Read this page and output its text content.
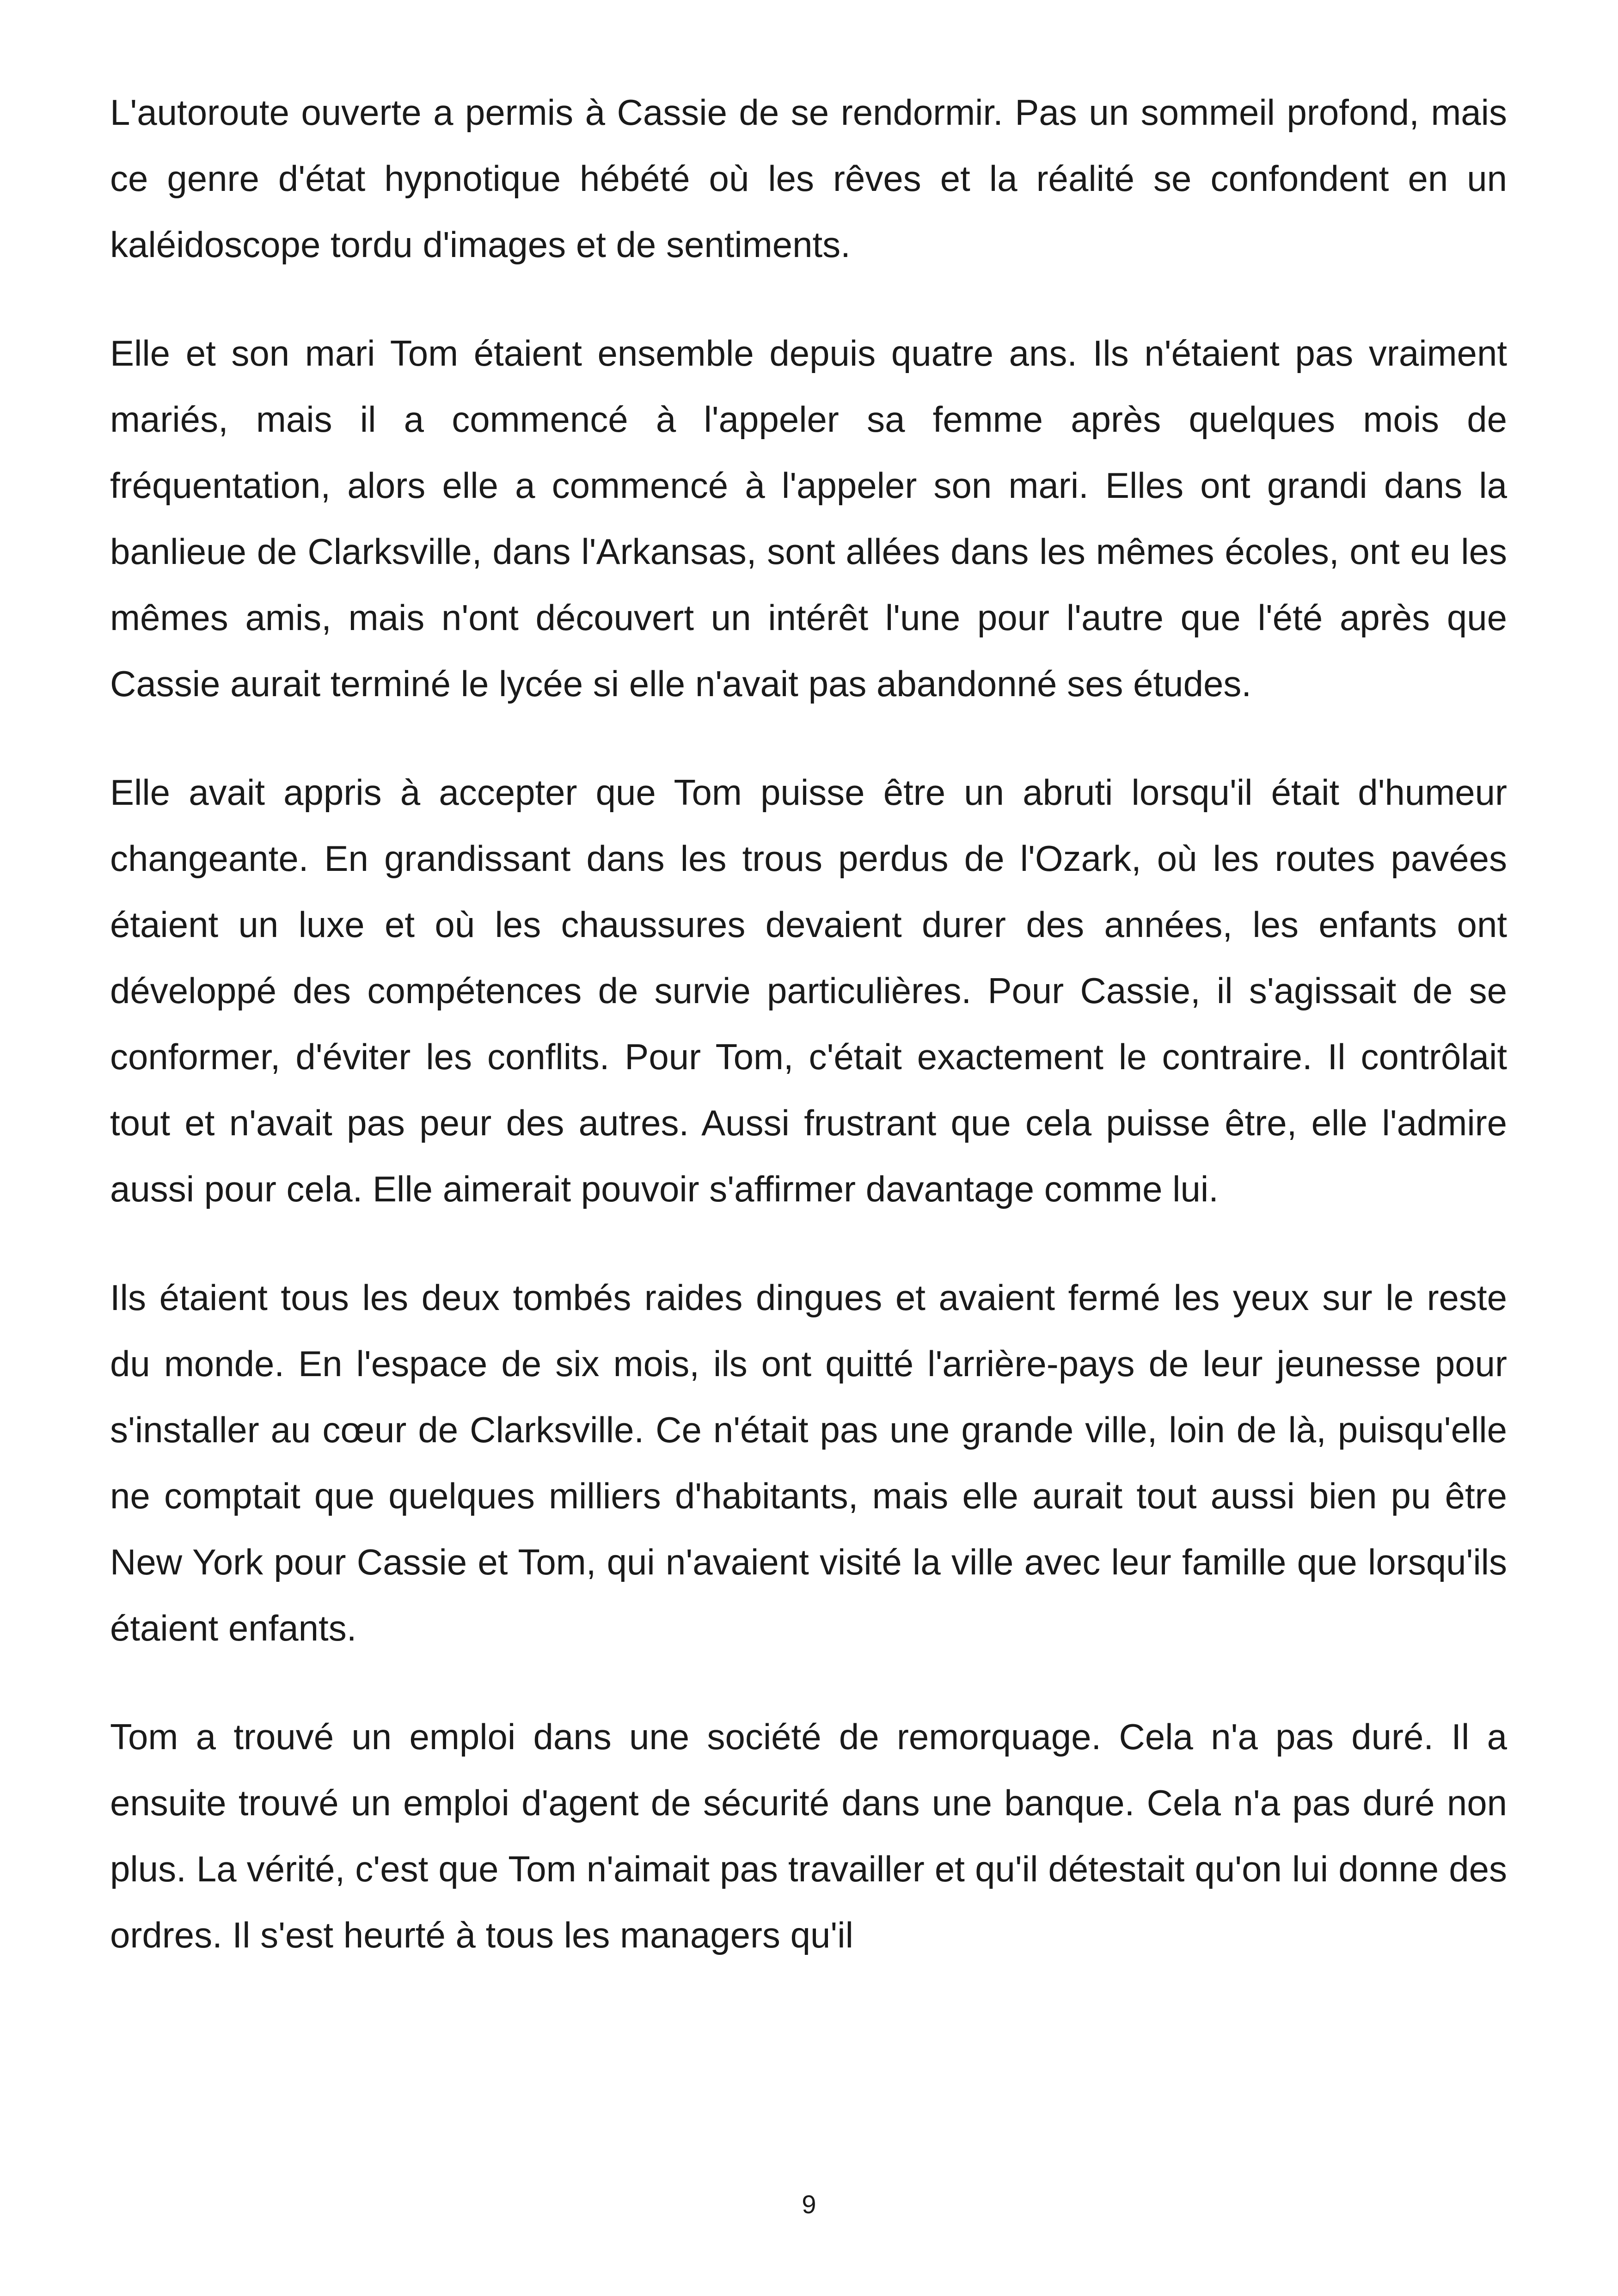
L'autoroute ouverte a permis à Cassie de se rendormir. Pas un sommeil profond, mais ce genre d'état hypnotique hébété où les rêves et la réalité se confondent en un kaléidoscope tordu d'images et de sentiments.

Elle et son mari Tom étaient ensemble depuis quatre ans. Ils n'étaient pas vraiment mariés, mais il a commencé à l'appeler sa femme après quelques mois de fréquentation, alors elle a commencé à l'appeler son mari. Elles ont grandi dans la banlieue de Clarksville, dans l'Arkansas, sont allées dans les mêmes écoles, ont eu les mêmes amis, mais n'ont découvert un intérêt l'une pour l'autre que l'été après que Cassie aurait terminé le lycée si elle n'avait pas abandonné ses études.

Elle avait appris à accepter que Tom puisse être un abruti lorsqu'il était d'humeur changeante. En grandissant dans les trous perdus de l'Ozark, où les routes pavées étaient un luxe et où les chaussures devaient durer des années, les enfants ont développé des compétences de survie particulières. Pour Cassie, il s'agissait de se conformer, d'éviter les conflits. Pour Tom, c'était exactement le contraire. Il contrôlait tout et n'avait pas peur des autres. Aussi frustrant que cela puisse être, elle l'admire aussi pour cela. Elle aimerait pouvoir s'affirmer davantage comme lui.

Ils étaient tous les deux tombés raides dingues et avaient fermé les yeux sur le reste du monde. En l'espace de six mois, ils ont quitté l'arrière-pays de leur jeunesse pour s'installer au cœur de Clarksville. Ce n'était pas une grande ville, loin de là, puisqu'elle ne comptait que quelques milliers d'habitants, mais elle aurait tout aussi bien pu être New York pour Cassie et Tom, qui n'avaient visité la ville avec leur famille que lorsqu'ils étaient enfants.

Tom a trouvé un emploi dans une société de remorquage. Cela n'a pas duré. Il a ensuite trouvé un emploi d'agent de sécurité dans une banque. Cela n'a pas duré non plus. La vérité, c'est que Tom n'aimait pas travailler et qu'il détestait qu'on lui donne des ordres. Il s'est heurté à tous les managers qu'il

9
